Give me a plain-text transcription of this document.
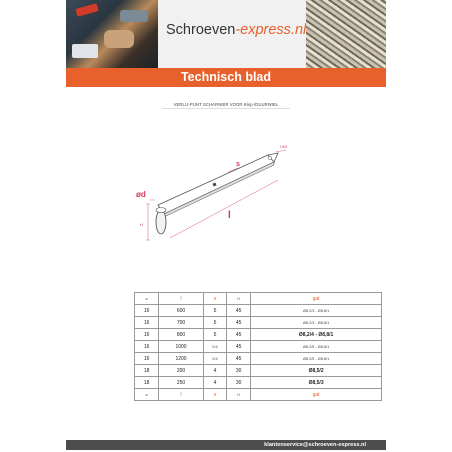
Schroeven-express.nl
Technisch blad
VERLIJ-PUNT SCHARNIER VOOR Klep-/DUURWIEL
ød
H
s
l
OKS
ø	l	s	H	gat
16	600	5	45	Ø8,2/3 - Ø8,8/1
16	700	5	45	Ø8,2/3 - Ø8,8/1
16	800	5	45	Ø8,2/4 - Ø8,8/1
16	1000	5.5	45	Ø8,2/5 - Ø8,8/1
16	1200	5.5	45	Ø8,2/5 - Ø8,8/1
18	200	4	30	Ø8,5/2
18	250	4	30	Ø8,5/3
ø	l	s	H	gat
klantenservice@schroeven-express.nl
